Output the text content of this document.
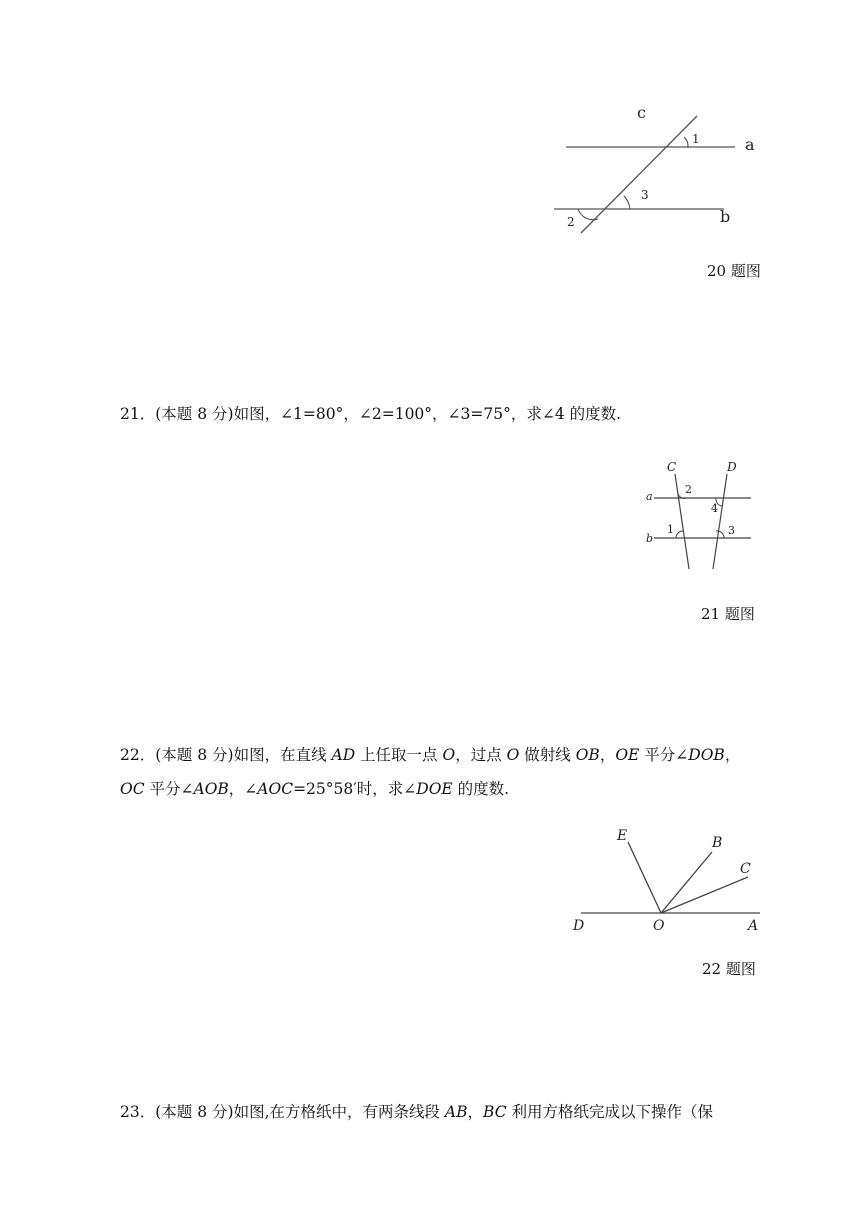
c
a
b
1
2
3
20 题图
21．(本题 8 分)如图，∠1=80°，∠2=100°，∠3=75°，求∠4 的度数.
C	D
a
b
2
4
1	3
21 题图
22．(本题 8 分)如图，在直线 AD 上任取一点 O，过点 O 做射线 OB，OE 平分∠DOB，
OC 平分∠AOB，∠AOC=25°58′时，求∠DOE 的度数.
E	B
C
D	O	A
22 题图
23．(本题 8 分)如图,在方格纸中，有两条线段 AB，BC 利用方格纸完成以下操作（保
